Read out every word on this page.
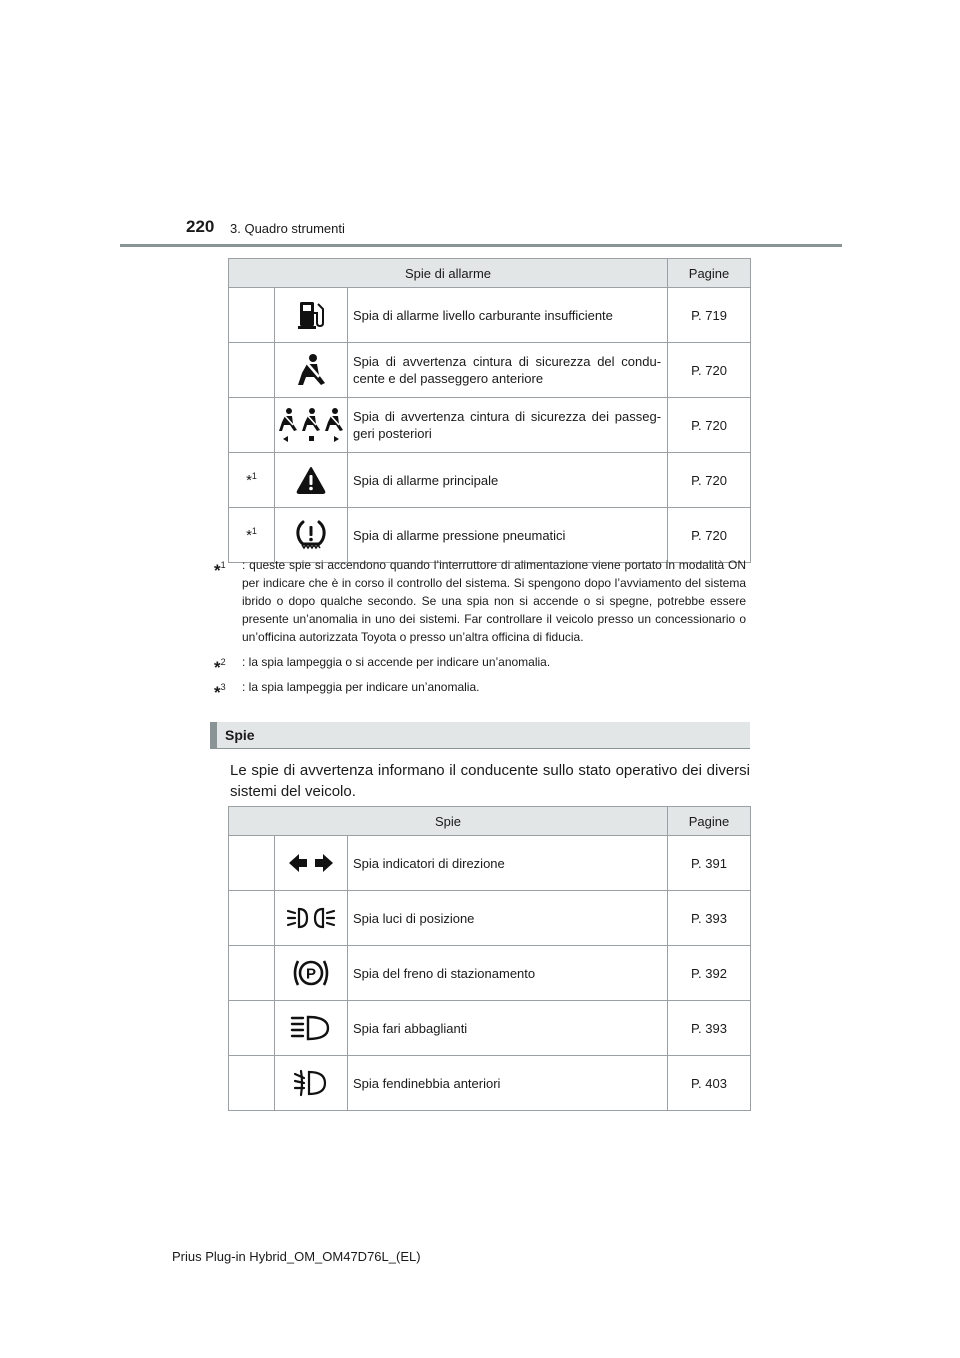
220 3. Quadro strumenti
Spie di allarme			Pagine

	Spia di allarme livello carburante insufficiente	P. 719

	Spia di avvertenza cintura di sicurezza del condu-cente e del passeggero anteriore	P. 720

	Spia di avvertenza cintura di sicurezza dei passeg-geri posteriori	P. 720
*$^1$		Spia di allarme principale	P. 720
*$^1$		Spia di allarme pressione pneumatici	P. 720
*$^1$ : queste spie si accendono quando l’interruttore di alimentazione viene portato in modalità ON per indicare che è in corso il controllo del sistema. Si spengono dopo l’avviamento del sistema ibrido o dopo qualche secondo. Se una spia non si accende o si spegne, potrebbe essere presente un’anomalia in uno dei sistemi. Far controllare il veicolo presso un concessionario o un’officina autorizzata Toyota o presso un’altra officina di fiducia.
*$^2$ : la spia lampeggia o si accende per indicare un’anomalia.
*$^3$ : la spia lampeggia per indicare un’anomalia.
Spie
Le spie di avvertenza informano il conducente sullo stato operativo dei diversi sistemi del veicolo.
Spie			Pagine

	Spia indicatori di direzione	P. 391

	Spia luci di posizione	P. 393

P	Spia del freno di stazionamento	P. 392

	Spia fari abbaglianti	P. 393

	Spia fendinebbia anteriori	P. 403
Prius Plug-in Hybrid_OM_OM47D76L_(EL)
